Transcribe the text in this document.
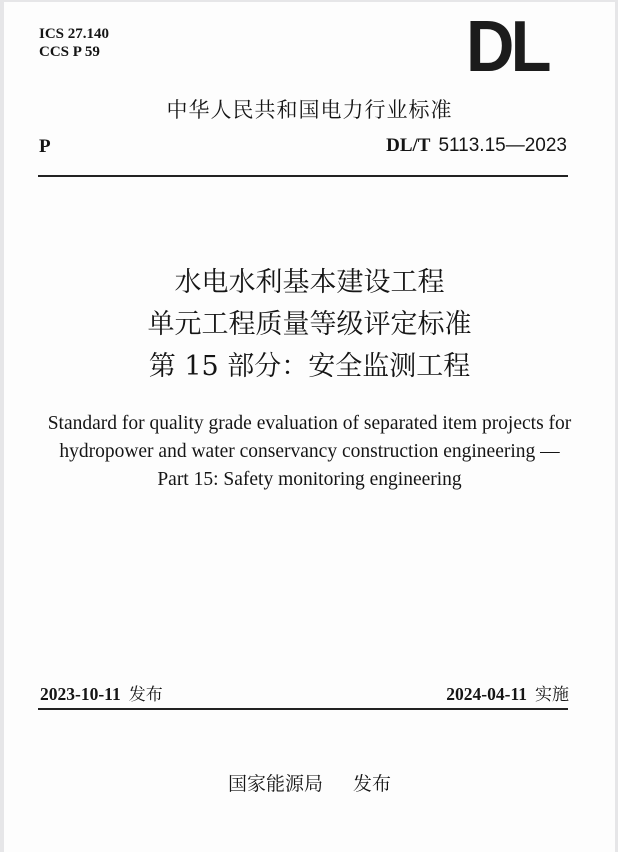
ICS 27.140
CCS P 59	DL
中华人民共和国电力行业标准
P	DL/T 5113.15—2023
水电水利基本建设工程
单元工程质量等级评定标准
第 15 部分：安全监测工程
Standard for quality grade evaluation of separated item projects for
hydropower and water conservancy construction engineering —
Part 15: Safety monitoring engineering
2023-10-11 发布	2024-04-11 实施
国家能源局 发布
